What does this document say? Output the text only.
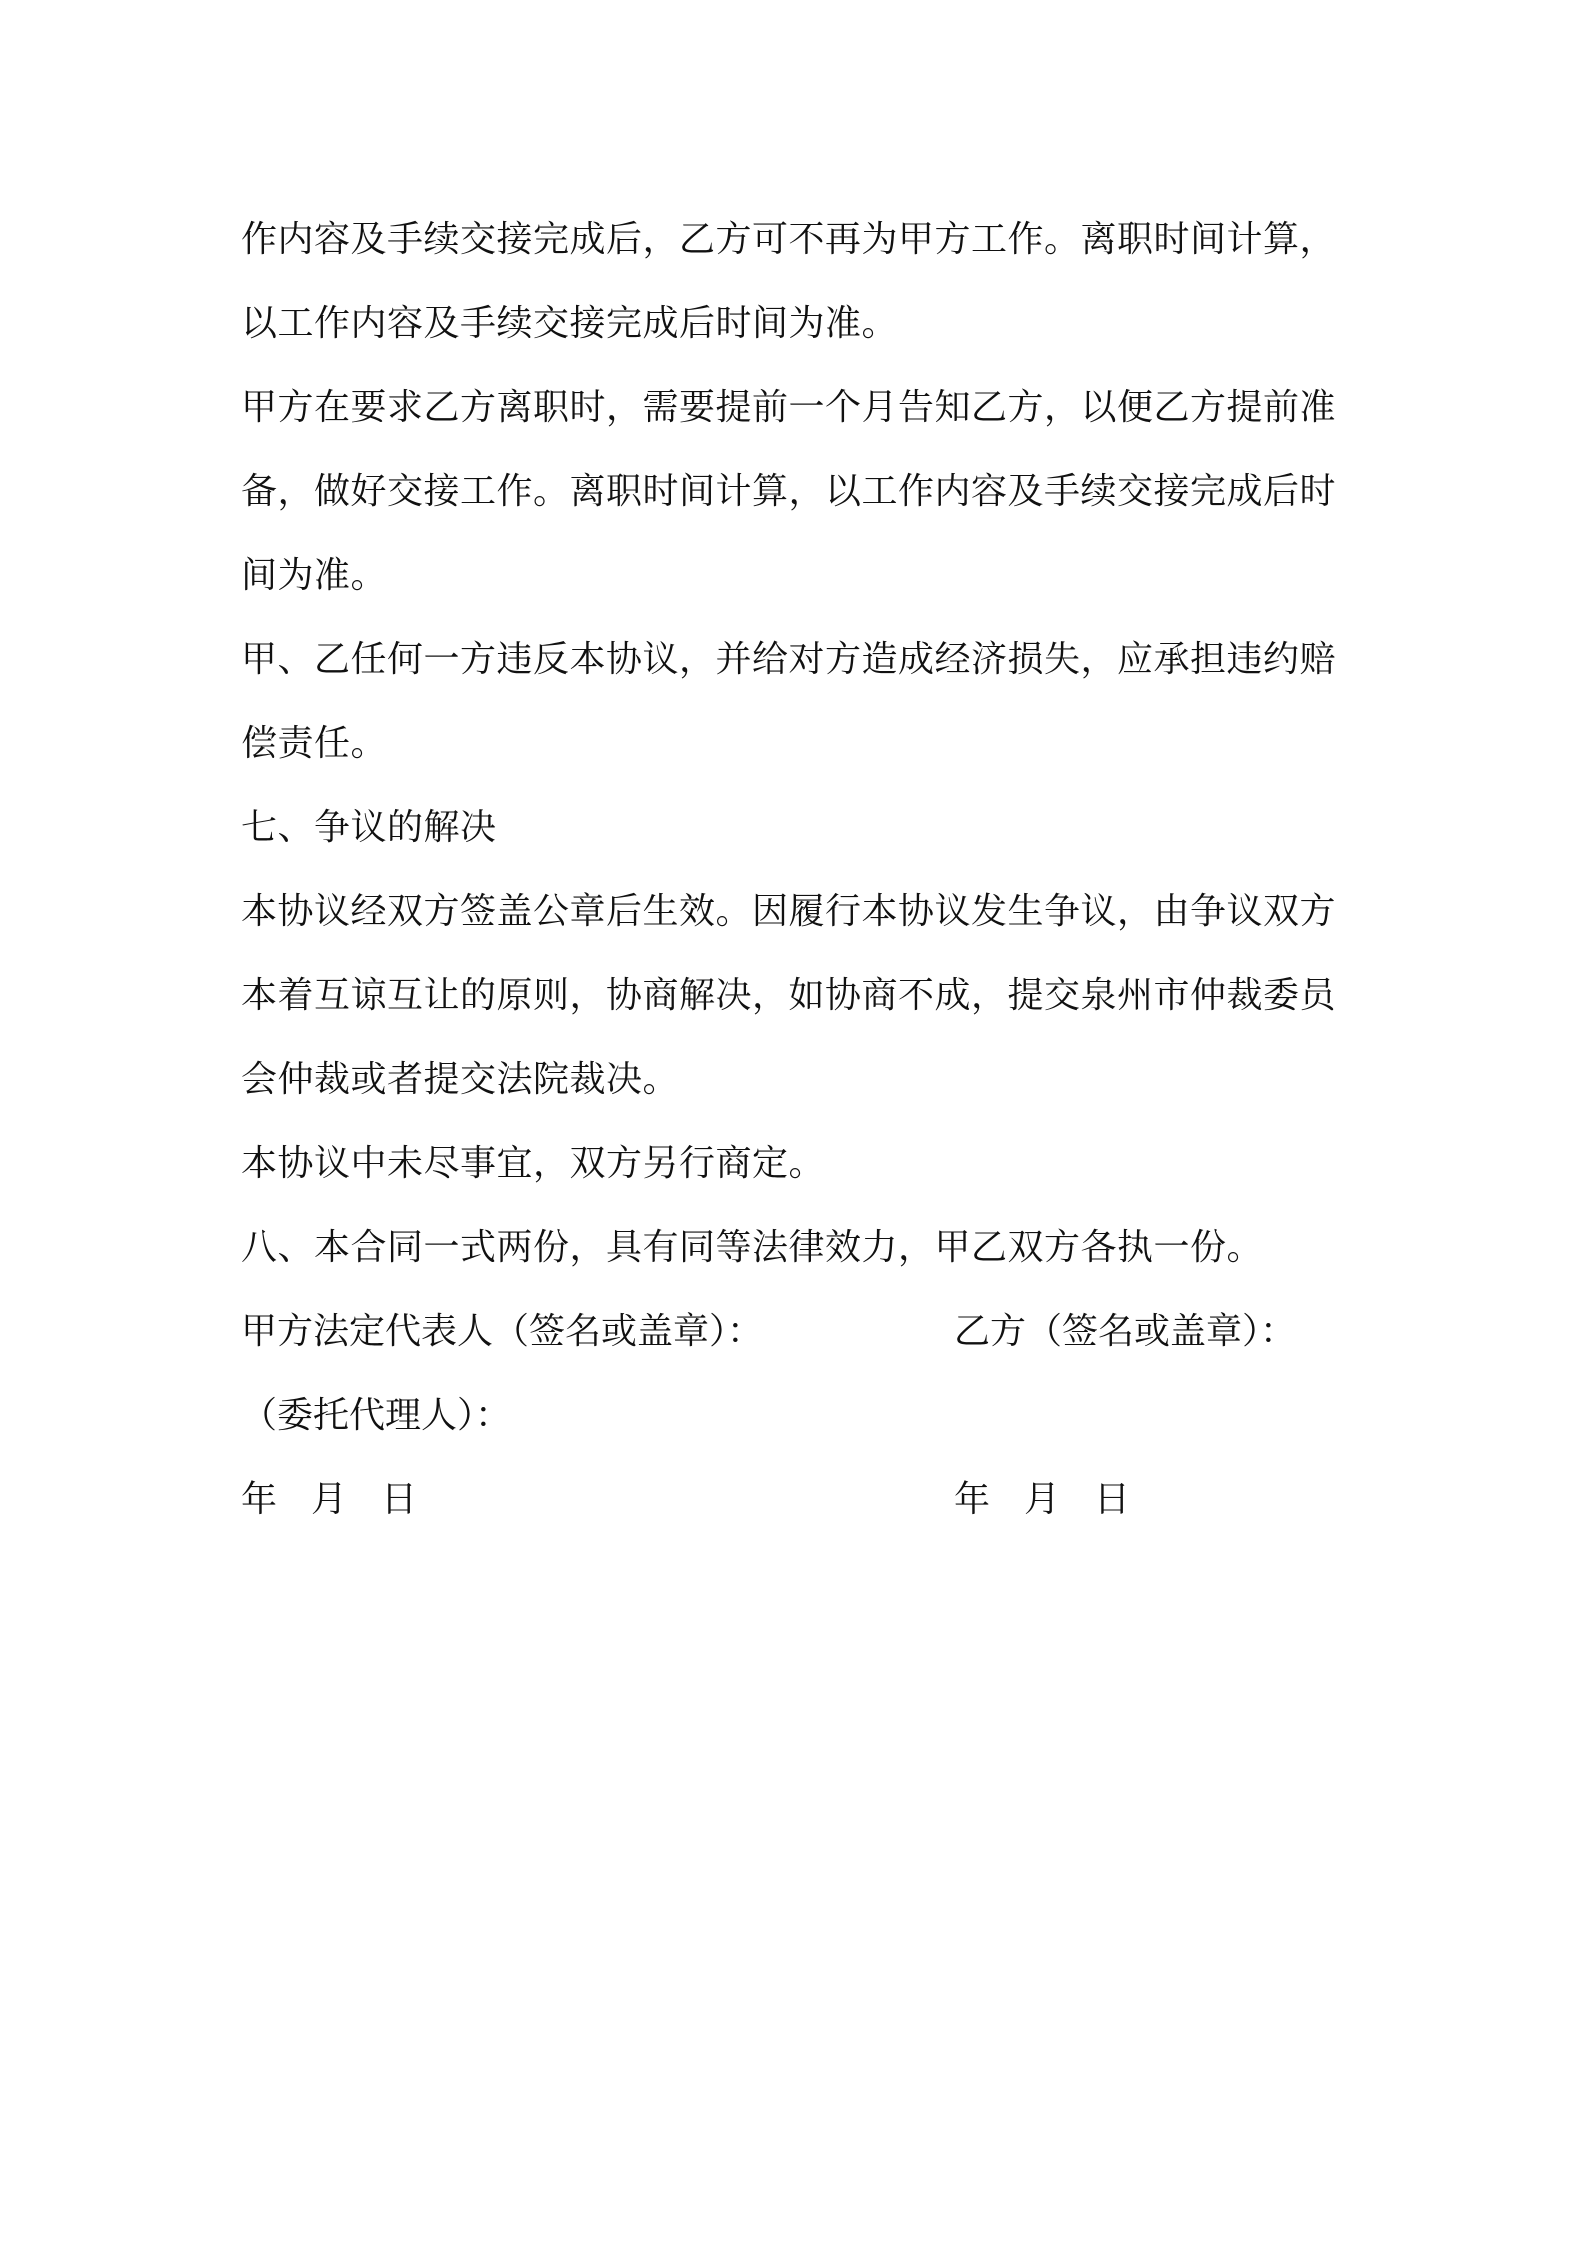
作内容及手续交接完成后，乙方可不再为甲方工作。离职时间计算，
以工作内容及手续交接完成后时间为准。
甲方在要求乙方离职时，需要提前一个月告知乙方，以便乙方提前准
备，做好交接工作。离职时间计算，以工作内容及手续交接完成后时
间为准。
甲、乙任何一方违反本协议，并给对方造成经济损失，应承担违约赔
偿责任。
七、争议的解决
本协议经双方签盖公章后生效。因履行本协议发生争议，由争议双方
本着互谅互让的原则，协商解决，如协商不成，提交泉州市仲裁委员
会仲裁或者提交法院裁决。
本协议中未尽事宜，双方另行商定。
八、本合同一式两份，具有同等法律效力，甲乙双方各执一份。
甲方法定代表人（签名或盖章）：	乙方（签名或盖章）：
（委托代理人）：
年 月 日	年 月 日
